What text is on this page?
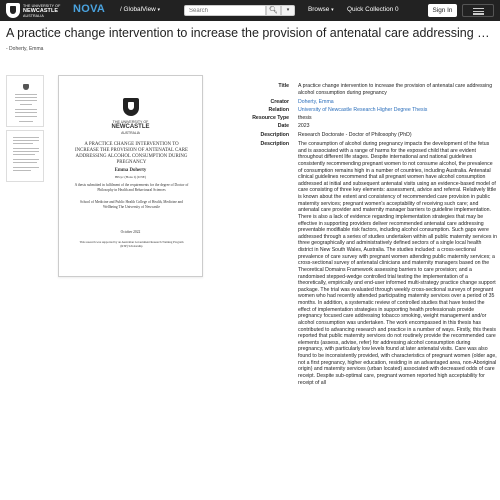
THE UNIVERSITY OF
NEWCASTLE
AUSTRALIA
NOVA / GlobalView ▾
Search	🔍︎	▾	Browse ▾ Quick Collection 0	Sign In
A practice change intervention to increase the provision of antenatal care addressing …
- Doherty, Emma
THE UNIVERSITY OF
NEWCASTLE
AUSTRALIA
A PRACTICE CHANGE INTERVENTION TO INCREASE THE PROVISION OF ANTENATAL CARE ADDRESSING ALCOHOL CONSUMPTION DURING PREGNANCY
Emma Doherty
BPsyc (Hons I) (UNE)
A thesis submitted in fulfilment of the requirements for the degree of Doctor of Philosophy in Health and Behavioural Sciences
School of Medicine and Public Health College of Health, Medicine and Wellbeing The University of Newcastle
October 2022
This research was supported by an Australian Government Research Training Program (RTP) Scholarship
Title A practice change intervention to increase the provision of antenatal care addressing alcohol consumption during pregnancy
Creator Doherty, Emma
Relation University of Newcastle Research Higher Degree Thesis
Resource Type thesis
Date 2023
Description Research Doctorate - Doctor of Philosophy (PhD)
Description The consumption of alcohol during pregnancy impacts the development of the fetus and is associated with a range of harms for the exposed child that are evident throughout different life stages. Despite international and national guidelines consistently recommending pregnant women to not consume alcohol, the prevalence of consumption remains high in a number of countries, including Australia. Antenatal clinical guidelines recommend that all pregnant women have alcohol consumption addressed at initial and subsequent antenatal visits using an evidence-based model of care consisting of three key elements: assessment, advice and referral. Relatively little is known about the extent and consistency of recommended care provision in public maternity services; pregnant women's acceptability of receiving such care; and antenatal care provider and maternity manager barriers to guideline implementation. There is also a lack of evidence regarding implementation strategies that may be effective in supporting providers deliver recommended antenatal care addressing preventable modifiable risk factors, including alcohol consumption. Such gaps were addressed through a series of studies undertaken within all public maternity services in three geographically and administratively defined sectors of a single local health district in New South Wales, Australia. The studies included: a cross-sectional prevalence of care survey with pregnant women attending public maternity services; a cross-sectional survey of antenatal clinicians and maternity managers based on the Theoretical Domains Framework assessing barriers to care provision; and a randomised stepped-wedge controlled trial testing the implementation of a theoretically, empirically and end-user informed multi-strategy practice change support package. The trial was evaluated through weekly cross-sectional surveys of pregnant women who had recently attended participating maternity services over a period of 35 months. In addition, a systematic review of controlled studies that have tested the effect of implementation strategies in supporting health professionals provide pregnancy focused care addressing tobacco smoking, weight management and/or alcohol consumption was undertaken. The work encompassed in this thesis has contributed to advancing research and practice in a number of ways. Firstly, this thesis reported that public maternity services do not routinely provide the recommended care elements (assess, advise, refer) for addressing alcohol consumption during pregnancy, with particularly low levels found at later antenatal visits. Care was also found to be inconsistently provided, with characteristics of pregnant women (older age, not a first pregnancy, higher education, residing in an advantaged area, non-Aboriginal origin) and maternity services (urban located) associated with decreased odds of care receipt. Despite sub-optimal care, pregnant women reported high acceptability for receipt of all
